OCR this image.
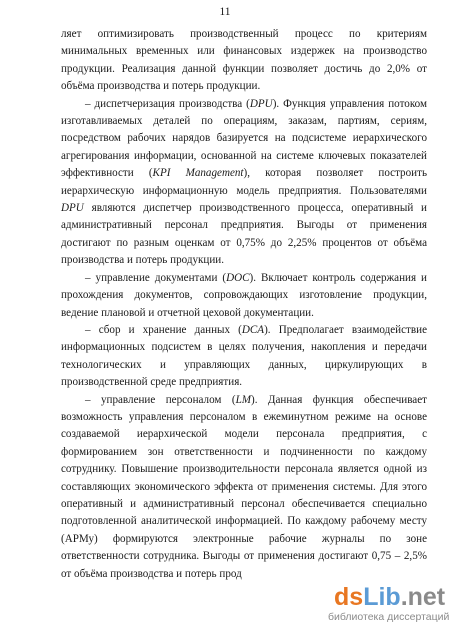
11

ляет оптимизировать производственный процесс по критериям минимальных временных или финансовых издержек на производство продукции. Реализация данной функции позволяет достичь до 2,0% от объёма производства и потерь продукции.

– диспетчеризация производства (DPU). Функция управления потоком изготавливаемых деталей по операциям, заказам, партиям, сериям, посредством рабочих нарядов базируется на подсистеме иерархического агрегирования информации, основанной на системе ключевых показателей эффективности (KPI Management), которая позволяет построить иерархическую информационную модель предприятия. Пользователями DPU являются диспетчер производственного процесса, оперативный и административный персонал предприятия. Выгоды от применения достигают по разным оценкам от 0,75% до 2,25% процентов от объёма производства и потерь продукции.

– управление документами (DOC). Включает контроль содержания и прохождения документов, сопровождающих изготовление продукции, ведение плановой и отчетной цеховой документации.

– сбор и хранение данных (DCA). Предполагает взаимодействие информационных подсистем в целях получения, накопления и передачи технологических и управляющих данных, циркулирующих в производственной среде предприятия.

– управление персоналом (LM). Данная функция обеспечивает возможность управления персоналом в ежеминутном режиме на основе создаваемой иерархической модели персонала предприятия, с формированием зон ответственности и подчиненности по каждому сотруднику. Повышение производительности персонала является одной из составляющих экономического эффекта от применения системы. Для этого оперативный и административный персонал обеспечивается специально подготовленной аналитической информацией. По каждому рабочему месту (АРМу) формируются электронные рабочие журналы по зоне ответственности сотрудника. Выгоды от применения достигают 0,75 – 2,5% от объёма производства и потерь прод

dsLib.net
библиотека диссертаций
